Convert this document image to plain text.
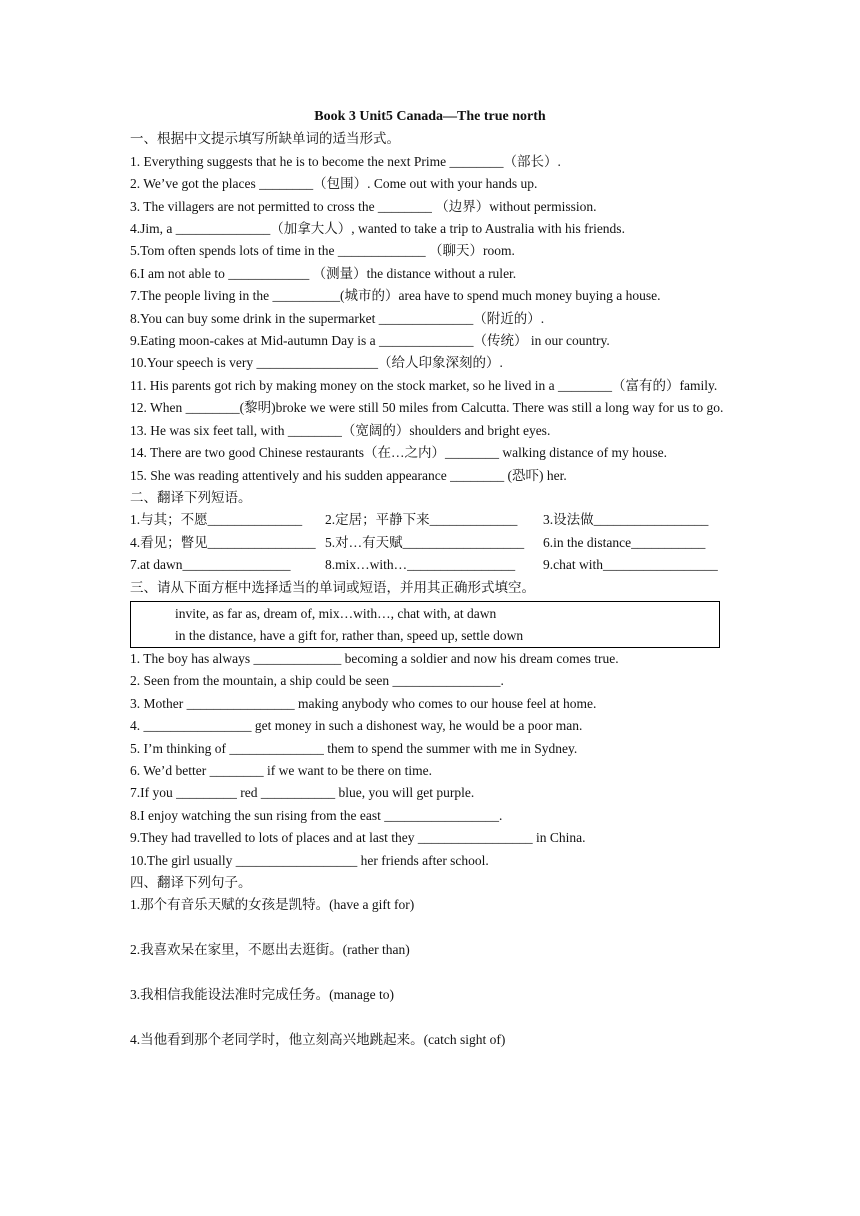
Book 3 Unit5 Canada—The true north
一、根据中文提示填写所缺单词的适当形式。
1. Everything suggests that he is to become the next Prime ________（部长）.
2. We’ve got the places ________（包围）. Come out with your hands up.
3. The villagers are not permitted to cross the ________ （边界）without permission.
4.Jim, a ______________（加拿大人）, wanted to take a trip to Australia with his friends.
5.Tom often spends lots of time in the _____________ （聊天）room.
6.I am not able to ____________ （测量）the distance without a ruler.
7.The people living in the __________(城市的）area have to spend much money buying a house.
8.You can buy some drink in the supermarket ______________（附近的）.
9.Eating moon-cakes at Mid-autumn Day is a ______________（传统） in our country.
10.Your speech is very __________________（给人印象深刻的）.
11. His parents got rich by making money on the stock market, so he lived in a ________（富有的）family.
12. When ________(黎明)broke we were still 50 miles from Calcutta. There was still a long way for us to go.
13. He was six feet tall, with ________（宽阔的）shoulders and bright eyes.
14. There are two good Chinese restaurants（在…之内）________ walking distance of my house.
15. She was reading attentively and his sudden appearance ________ (恐吓) her.
二、翻译下列短语。
1.与其；不愿______________	2.定居；平静下来_____________	3.设法做_________________
4.看见；瞥见________________ 5.对…有天赋__________________	6.in the distance___________
7.at dawn________________	8.mix…with…________________	9.chat with_________________
三、请从下面方框中选择适当的单词或短语，并用其正确形式填空。
invite, as far as, dream of, mix…with…, chat with, at dawn
in the distance, have a gift for, rather than, speed up, settle down
1. The boy has always _____________ becoming a soldier and now his dream comes true.
2. Seen from the mountain, a ship could be seen ________________.
3. Mother ________________ making anybody who comes to our house feel at home.
4. ________________ get money in such a dishonest way, he would be a poor man.
5. I’m thinking of ______________ them to spend the summer with me in Sydney.
6. We’d better ________ if we want to be there on time.
7.If you _________ red ___________ blue, you will get purple.
8.I enjoy watching the sun rising from the east _________________.
9.They had travelled to lots of places and at last they _________________ in China.
10.The girl usually __________________ her friends after school.
四、翻译下列句子。
1.那个有音乐天赋的女孩是凯特。(have a gift for)
2.我喜欢呆在家里，不愿出去逛街。(rather than)
3.我相信我能设法准时完成任务。(manage to)
4.当他看到那个老同学时，他立刻高兴地跳起来。(catch sight of)
